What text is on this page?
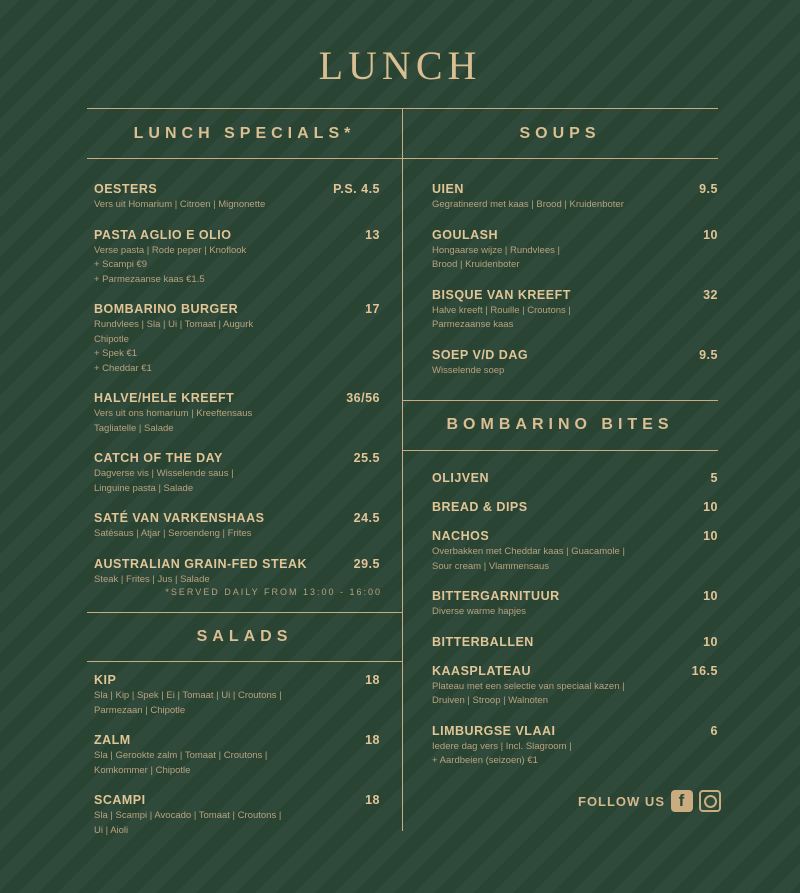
LUNCH
LUNCH SPECIALS*	SOUPS
SALADS
BOMBARINO BITES
OESTERS	P.S. 4.5
Vers uit Homarium | Citroen | Mignonette
PASTA AGLIO E OLIO	13
Verse pasta | Rode peper | Knoflook
+ Scampi €9
+ Parmezaanse kaas €1.5
BOMBARINO BURGER	17
Rundvlees | Sla | Ui | Tomaat | Augurk
Chipotle
+ Spek €1
+ Cheddar €1
HALVE/HELE KREEFT	36/56
Vers uit ons homarium | Kreeftensaus
Tagliatelle | Salade
CATCH OF THE DAY	25.5
Dagverse vis | Wisselende saus |
Linguine pasta | Salade
SATÉ VAN VARKENSHAAS	24.5
Satésaus | Atjar | Seroendeng | Frites
AUSTRALIAN GRAIN-FED STEAK	29.5
Steak | Frites | Jus | Salade
*SERVED DAILY FROM 13:00 - 16:00
KIP	18
Sla | Kip | Spek | Ei | Tomaat | Ui | Croutons |
Parmezaan | Chipotle
ZALM	18
Sla | Gerookte zalm | Tomaat | Croutons |
Komkommer | Chipotle
SCAMPI	18
Sla | Scampi | Avocado | Tomaat | Croutons |
Ui | Aioli
UIEN	9.5
Gegratineerd met kaas | Brood | Kruidenboter
GOULASH	10
Hongaarse wijze | Rundvlees |
Brood | Kruidenboter
BISQUE VAN KREEFT	32
Halve kreeft | Rouille | Croutons |
Parmezaanse kaas
SOEP V/D DAG	9.5
Wisselende soep
OLIJVEN	5
BREAD & DIPS	10
NACHOS	10
Overbakken met Cheddar kaas | Guacamole |
Sour cream | Vlammensaus
BITTERGARNITUUR	10
Diverse warme hapjes
BITTERBALLEN	10
KAASPLATEAU	16.5
Plateau met een selectie van speciaal kazen |
Druiven | Stroop | Walnoten
LIMBURGSE VLAAI	6
Iedere dag vers | Incl. Slagroom |
+ Aardbeien (seizoen) €1
FOLLOW US f
